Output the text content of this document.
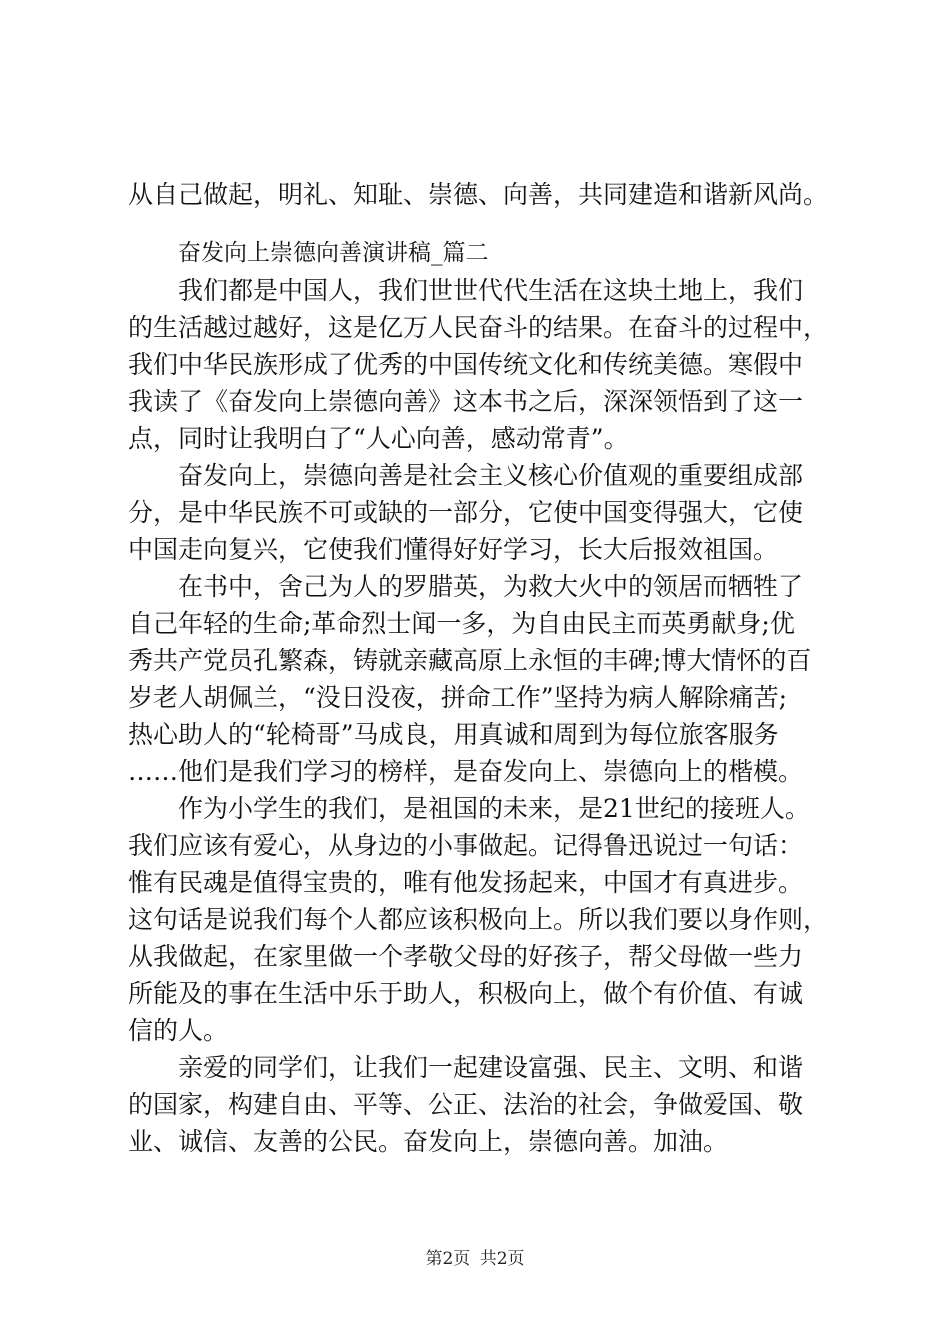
从自己做起，明礼、知耻、崇德、向善，共同建造和谐新风尚。
奋发向上崇德向善演讲稿_篇二
我们都是中国人，我们世世代代生活在这块土地上，我们
的生活越过越好，这是亿万人民奋斗的结果。在奋斗的过程中，
我们中华民族形成了优秀的中国传统文化和传统美德。寒假中
我读了《奋发向上崇德向善》这本书之后，深深领悟到了这一
点，同时让我明白了“人心向善，感动常青”。
奋发向上，崇德向善是社会主义核心价值观的重要组成部
分，是中华民族不可或缺的一部分，它使中国变得强大，它使
中国走向复兴，它使我们懂得好好学习，长大后报效祖国。
在书中，舍己为人的罗腊英，为救大火中的领居而牺牲了
自己年轻的生命;革命烈士闻一多，为自由民主而英勇献身;优
秀共产党员孔繁森，铸就亲藏高原上永恒的丰碑;博大情怀的百
岁老人胡佩兰，“没日没夜，拼命工作”坚持为病人解除痛苦;
热心助人的“轮椅哥”马成良，用真诚和周到为每位旅客服务
……他们是我们学习的榜样，是奋发向上、崇德向上的楷模。
作为小学生的我们，是祖国的未来，是21世纪的接班人。
我们应该有爱心，从身边的小事做起。记得鲁迅说过一句话：
惟有民魂是值得宝贵的，唯有他发扬起来，中国才有真进步。
这句话是说我们每个人都应该积极向上。所以我们要以身作则，
从我做起，在家里做一个孝敬父母的好孩子，帮父母做一些力
所能及的事在生活中乐于助人，积极向上，做个有价值、有诚
信的人。
亲爱的同学们，让我们一起建设富强、民主、文明、和谐
的国家，构建自由、平等、公正、法治的社会，争做爱国、敬
业、诚信、友善的公民。奋发向上，崇德向善。加油。
第2页 共2页
